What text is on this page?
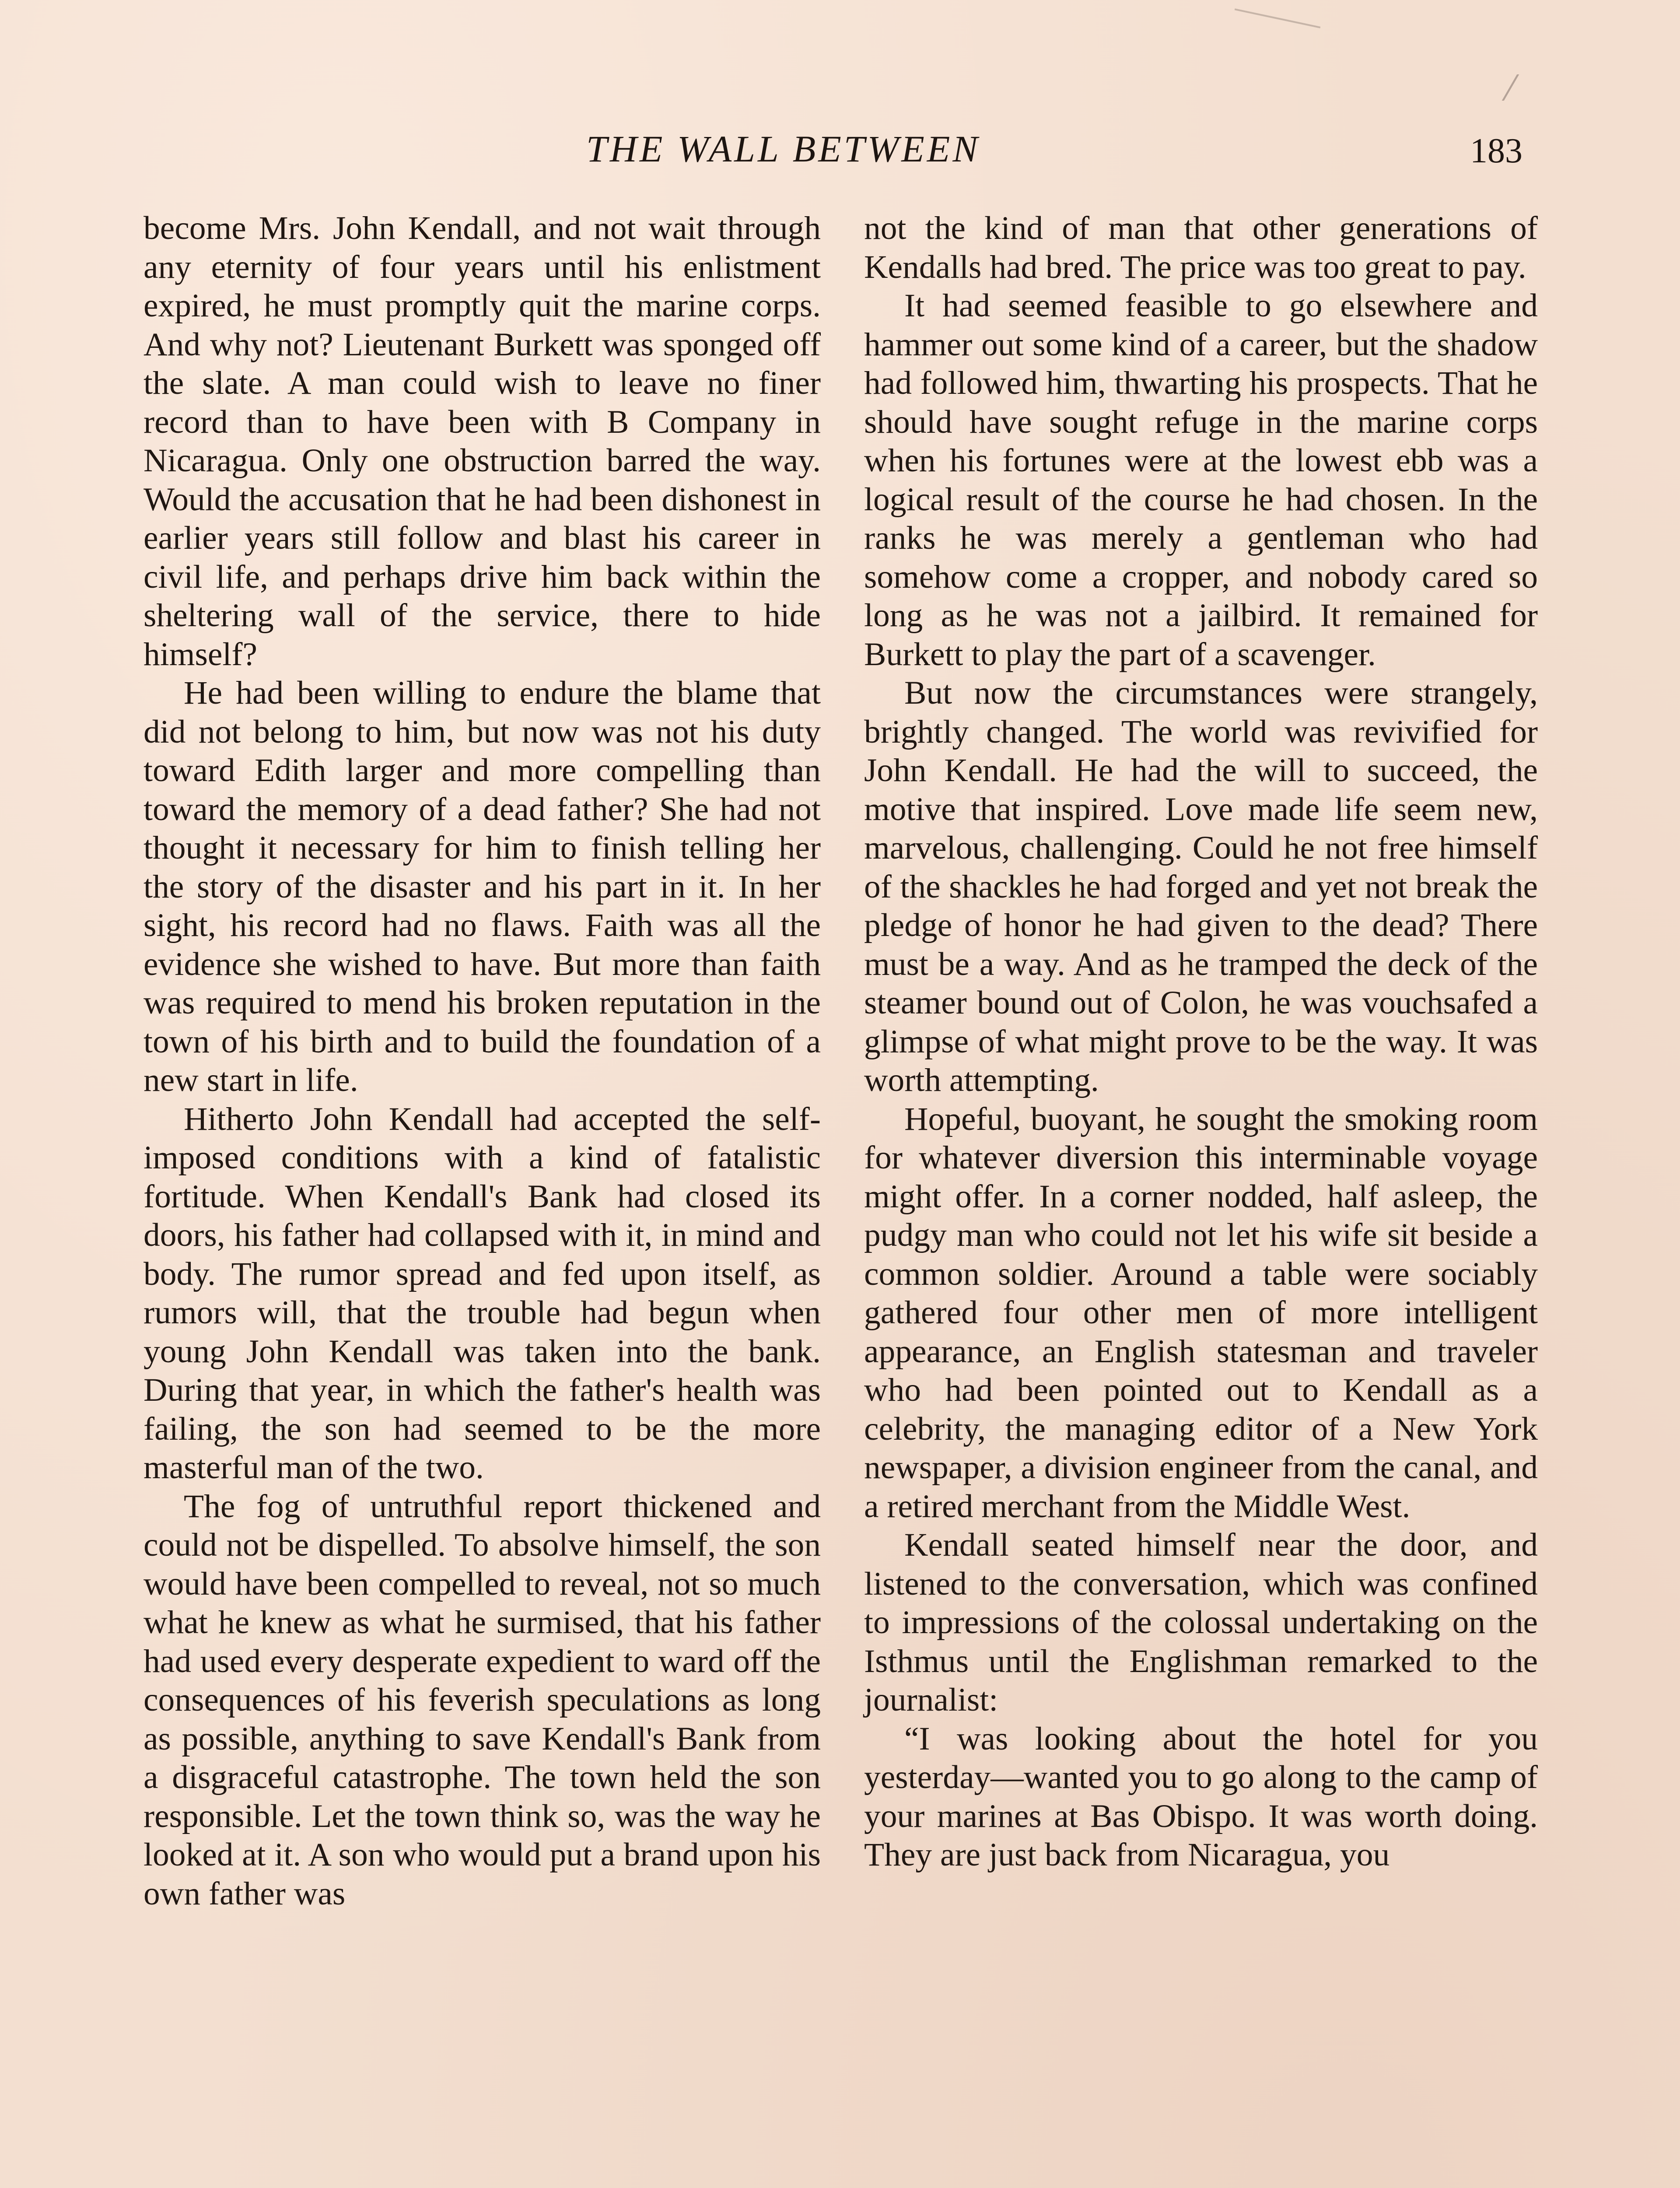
THE WALL BETWEEN	183

become Mrs. John Kendall, and not wait through any eternity of four years until his enlistment expired, he must promptly quit the marine corps. And why not? Lieutenant Burkett was sponged off the slate. A man could wish to leave no finer record than to have been with B Company in Nicaragua. Only one obstruction barred the way. Would the accusation that he had been dishonest in earlier years still follow and blast his career in civil life, and perhaps drive him back within the sheltering wall of the service, there to hide himself?

He had been willing to endure the blame that did not belong to him, but now was not his duty toward Edith larger and more compelling than toward the memory of a dead father? She had not thought it necessary for him to finish telling her the story of the disaster and his part in it. In her sight, his record had no flaws. Faith was all the evidence she wished to have. But more than faith was required to mend his broken reputation in the town of his birth and to build the foundation of a new start in life.

Hitherto John Kendall had accepted the self-imposed conditions with a kind of fatalistic fortitude. When Kendall's Bank had closed its doors, his father had collapsed with it, in mind and body. The rumor spread and fed upon itself, as rumors will, that the trouble had begun when young John Kendall was taken into the bank. During that year, in which the father's health was failing, the son had seemed to be the more masterful man of the two.

The fog of untruthful report thickened and could not be dispelled. To absolve himself, the son would have been compelled to reveal, not so much what he knew as what he surmised, that his father had used every desperate expedient to ward off the consequences of his feverish speculations as long as possible, anything to save Kendall's Bank from a disgraceful catastrophe. The town held the son responsible. Let the town think so, was the way he looked at it. A son who would put a brand upon his own father was

not the kind of man that other generations of Kendalls had bred. The price was too great to pay.

It had seemed feasible to go elsewhere and hammer out some kind of a career, but the shadow had followed him, thwarting his prospects. That he should have sought refuge in the marine corps when his fortunes were at the lowest ebb was a logical result of the course he had chosen. In the ranks he was merely a gentleman who had somehow come a cropper, and nobody cared so long as he was not a jailbird. It remained for Burkett to play the part of a scavenger.

But now the circumstances were strangely, brightly changed. The world was revivified for John Kendall. He had the will to succeed, the motive that inspired. Love made life seem new, marvelous, challenging. Could he not free himself of the shackles he had forged and yet not break the pledge of honor he had given to the dead? There must be a way. And as he tramped the deck of the steamer bound out of Colon, he was vouchsafed a glimpse of what might prove to be the way. It was worth attempting.

Hopeful, buoyant, he sought the smoking room for whatever diversion this interminable voyage might offer. In a corner nodded, half asleep, the pudgy man who could not let his wife sit beside a common soldier. Around a table were sociably gathered four other men of more intelligent appearance, an English statesman and traveler who had been pointed out to Kendall as a celebrity, the managing editor of a New York newspaper, a division engineer from the canal, and a retired merchant from the Middle West.

Kendall seated himself near the door, and listened to the conversation, which was confined to impressions of the colossal undertaking on the Isthmus until the Englishman remarked to the journalist:

“I was looking about the hotel for you yesterday—wanted you to go along to the camp of your marines at Bas Obispo. It was worth doing. They are just back from Nicaragua, you
